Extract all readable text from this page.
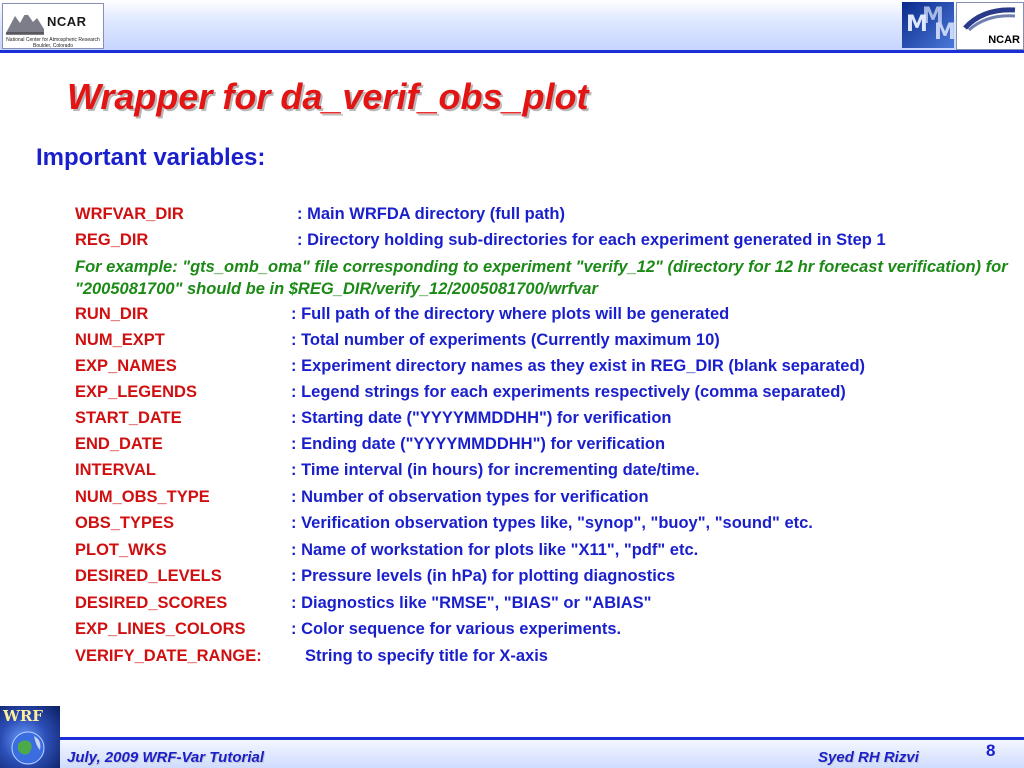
NCAR
National Center for Atmospheric Research Boulder, Colorado
M
M
M	NCAR
Wrapper for da_verif_obs_plot
Important variables:
WRFVAR_DIR	: Main WRFDA directory (full path)
REG_DIR	: Directory holding sub-directories for each experiment generated in Step 1
For example: "gts_omb_oma" file corresponding to experiment "verify_12" (directory for 12 hr forecast verification) for "2005081700" should be in $REG_DIR/verify_12/2005081700/wrfvar
RUN_DIR	: Full path of the directory where plots will be generated
NUM_EXPT	: Total number of experiments (Currently maximum 10)
EXP_NAMES	: Experiment directory names as they exist in REG_DIR (blank separated)
EXP_LEGENDS	: Legend strings for each experiments respectively (comma separated)
START_DATE	: Starting date ("YYYYMMDDHH") for verification
END_DATE	: Ending date ("YYYYMMDDHH") for verification
INTERVAL	: Time interval (in hours) for incrementing date/time.
NUM_OBS_TYPE	: Number of observation types for verification
OBS_TYPES	: Verification observation types like, "synop", "buoy", "sound" etc.
PLOT_WKS	: Name of workstation for plots like "X11", "pdf" etc.
DESIRED_LEVELS	: Pressure levels (in hPa) for plotting diagnostics
DESIRED_SCORES	: Diagnostics like "RMSE", "BIAS" or "ABIAS"
EXP_LINES_COLORS	: Color sequence for various experiments.
VERIFY_DATE_RANGE:	String to specify title for X-axis
WRF
July, 2009 WRF-Var Tutorial	Syed RH Rizvi	8
